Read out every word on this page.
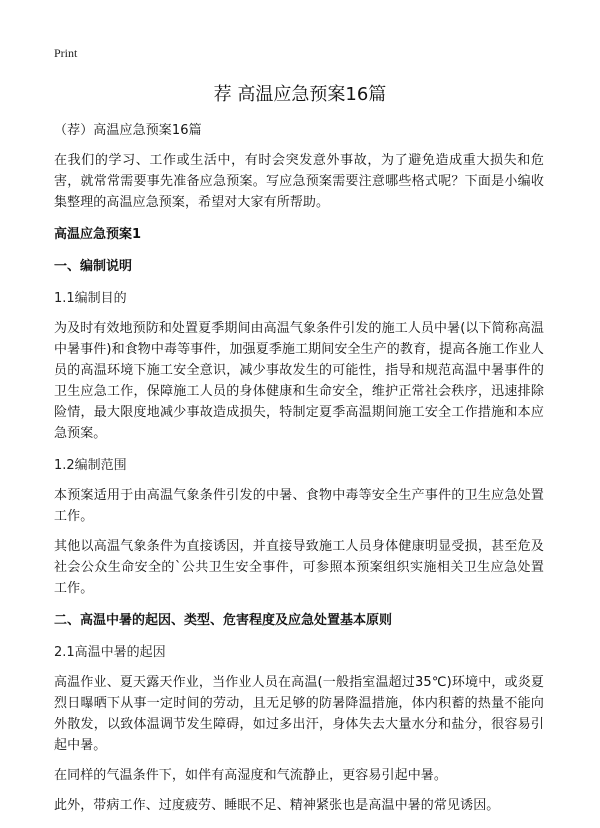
Print
荐 高温应急预案16篇

（荐）高温应急预案16篇

在我们的学习、工作或生活中，有时会突发意外事故，为了避免造成重大损失和危害，就常常需要事先准备应急预案。写应急预案需要注意哪些格式呢？下面是小编收集整理的高温应急预案，希望对大家有所帮助。

高温应急预案1

一、编制说明

1.1编制目的

为及时有效地预防和处置夏季期间由高温气象条件引发的施工人员中暑(以下简称高温中暑事件)和食物中毒等事件，加强夏季施工期间安全生产的教育，提高各施工作业人员的高温环境下施工安全意识，减少事故发生的可能性，指导和规范高温中暑事件的卫生应急工作，保障施工人员的身体健康和生命安全，维护正常社会秩序，迅速排除险情，最大限度地减少事故造成损失，特制定夏季高温期间施工安全工作措施和本应急预案。

1.2编制范围

本预案适用于由高温气象条件引发的中暑、食物中毒等安全生产事件的卫生应急处置工作。

其他以高温气象条件为直接诱因，并直接导致施工人员身体健康明显受损，甚至危及社会公众生命安全的`公共卫生安全事件，可参照本预案组织实施相关卫生应急处置工作。

二、高温中暑的起因、类型、危害程度及应急处置基本原则

2.1高温中暑的起因

高温作业、夏天露天作业，当作业人员在高温(一般指室温超过35℃)环境中，或炎夏烈日曝晒下从事一定时间的劳动，且无足够的防暑降温措施，体内积蓄的热量不能向外散发，以致体温调节发生障碍，如过多出汗，身体失去大量水分和盐分，很容易引起中暑。

在同样的气温条件下，如伴有高湿度和气流静止，更容易引起中暑。

此外，带病工作、过度疲劳、睡眠不足、精神紧张也是高温中暑的常见诱因。
